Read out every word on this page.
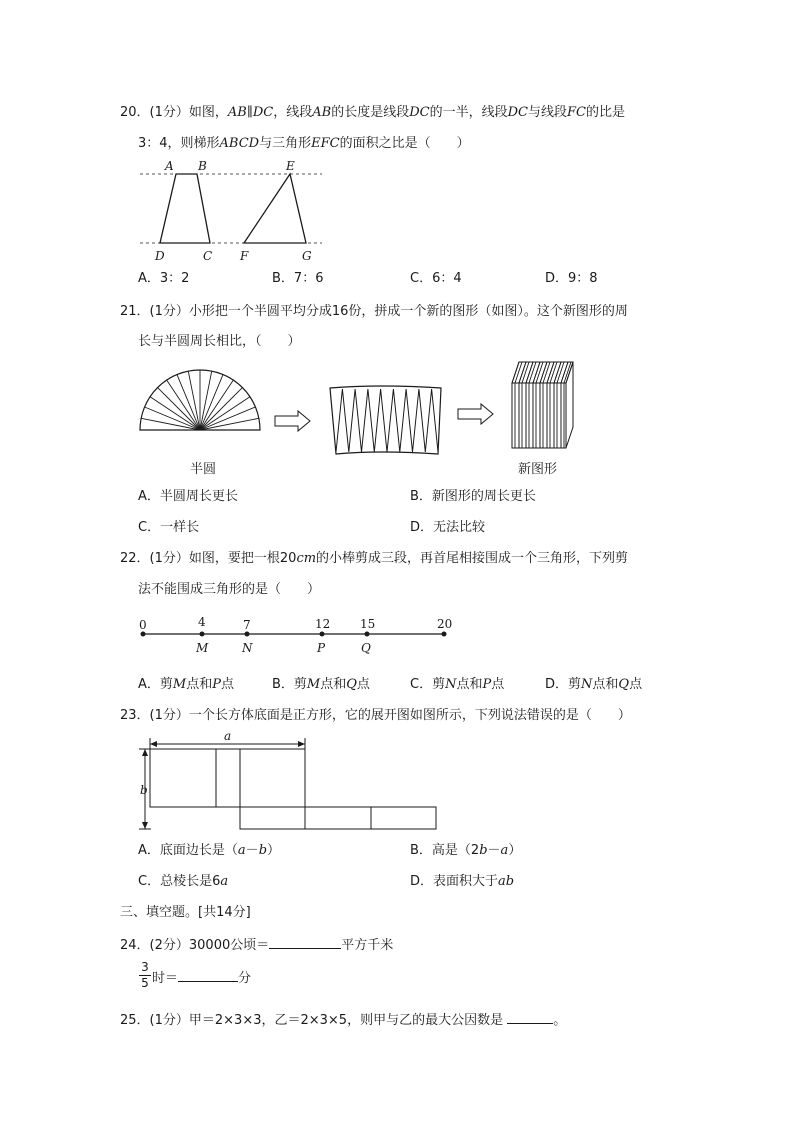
20．(1分）如图，AB∥DC，线段AB的长度是线段DC的一半，线段DC与线段FC的比是
3：4，则梯形ABCD与三角形EFC的面积之比是（　　）
A B	E
D	C F	G
A．3：2	B．7：6	C．6：4	D．9：8
21．(1分）小形把一个半圆平均分成16份，拼成一个新的图形（如图）。这个新图形的周
长与半圆周长相比，（　　）
半圆	新图形
A．半圆周长更长	B．新图形的周长更长
C．一样长	D．无法比较
22．(1分）如图，要把一根20cm的小棒剪成三段，再首尾相接围成一个三角形，下列剪
法不能围成三角形的是（　　）
0	4	7	12 15	20
M	N	P	Q
A．剪M点和P点	B．剪M点和Q点	C．剪N点和P点	D．剪N点和Q点
23．(1分）一个长方体底面是正方形，它的展开图如图所示，下列说法错误的是（　　）
a
b
A．底面边长是（a－b）	B．高是（2b－a）
C．总棱长是6a	D．表面积大于ab
三、填空题。[共14分]
24．(2分）30000公顷＝	平方千米
3
5 时＝	分
25．(1分）甲＝2×3×3，乙＝2×3×5，则甲与乙的最大公因数是	。
